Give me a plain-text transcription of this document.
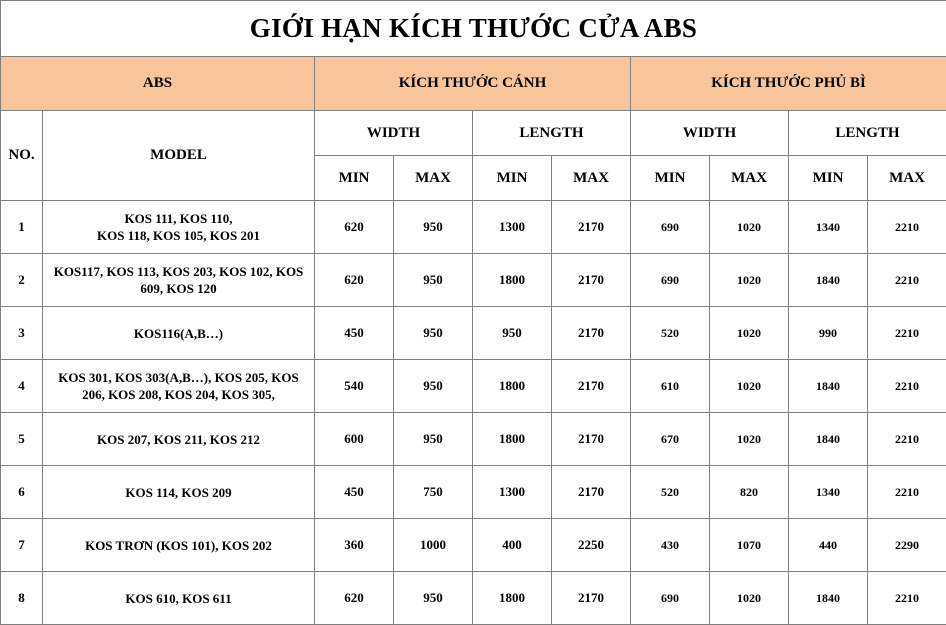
GIỚI HẠN KÍCH THƯỚC CỬA ABS									
ABS		KÍCH THƯỚC CÁNH				KÍCH THƯỚC PHỦ BÌ			
NO.	MODEL	WIDTH		LENGTH		WIDTH		LENGTH	
		MIN	MAX	MIN	MAX	MIN	MAX	MIN	MAX
1	KOS 111, KOS 110,
KOS 118, KOS 105, KOS 201	620	950	1300	2170	690	1020	1340	2210
2	KOS117, KOS 113, KOS 203, KOS 102, KOS 609, KOS 120	620	950	1800	2170	690	1020	1840	2210
3	KOS116(A,B…)	450	950	950	2170	520	1020	990	2210
4	KOS 301, KOS 303(A,B…), KOS 205, KOS 206, KOS 208, KOS 204, KOS 305,	540	950	1800	2170	610	1020	1840	2210
5	KOS 207, KOS 211, KOS 212	600	950	1800	2170	670	1020	1840	2210
6	KOS 114, KOS 209	450	750	1300	2170	520	820	1340	2210
7	KOS TRƠN (KOS 101), KOS 202	360	1000	400	2250	430	1070	440	2290
8	KOS 610, KOS 611	620	950	1800	2170	690	1020	1840	2210
